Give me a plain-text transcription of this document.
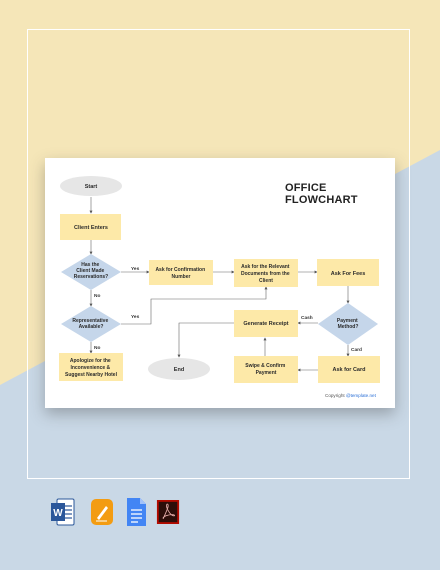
OFFICE FLOWCHART
Start
Client Enters
Has the Client Made Reservations?
Ask for Confirmation Number
Ask for the Relevant Documents from the Client
Ask For Fees
Representative Available?
Payment Method?
Generate Receipt
Apologize for the Inconvenience & Suggest Nearby Hotel
End
Swipe & Confirm Payment	Ask for Card
Yes
No
Yes
No
Cash
Card
Copyright @template.net
W
